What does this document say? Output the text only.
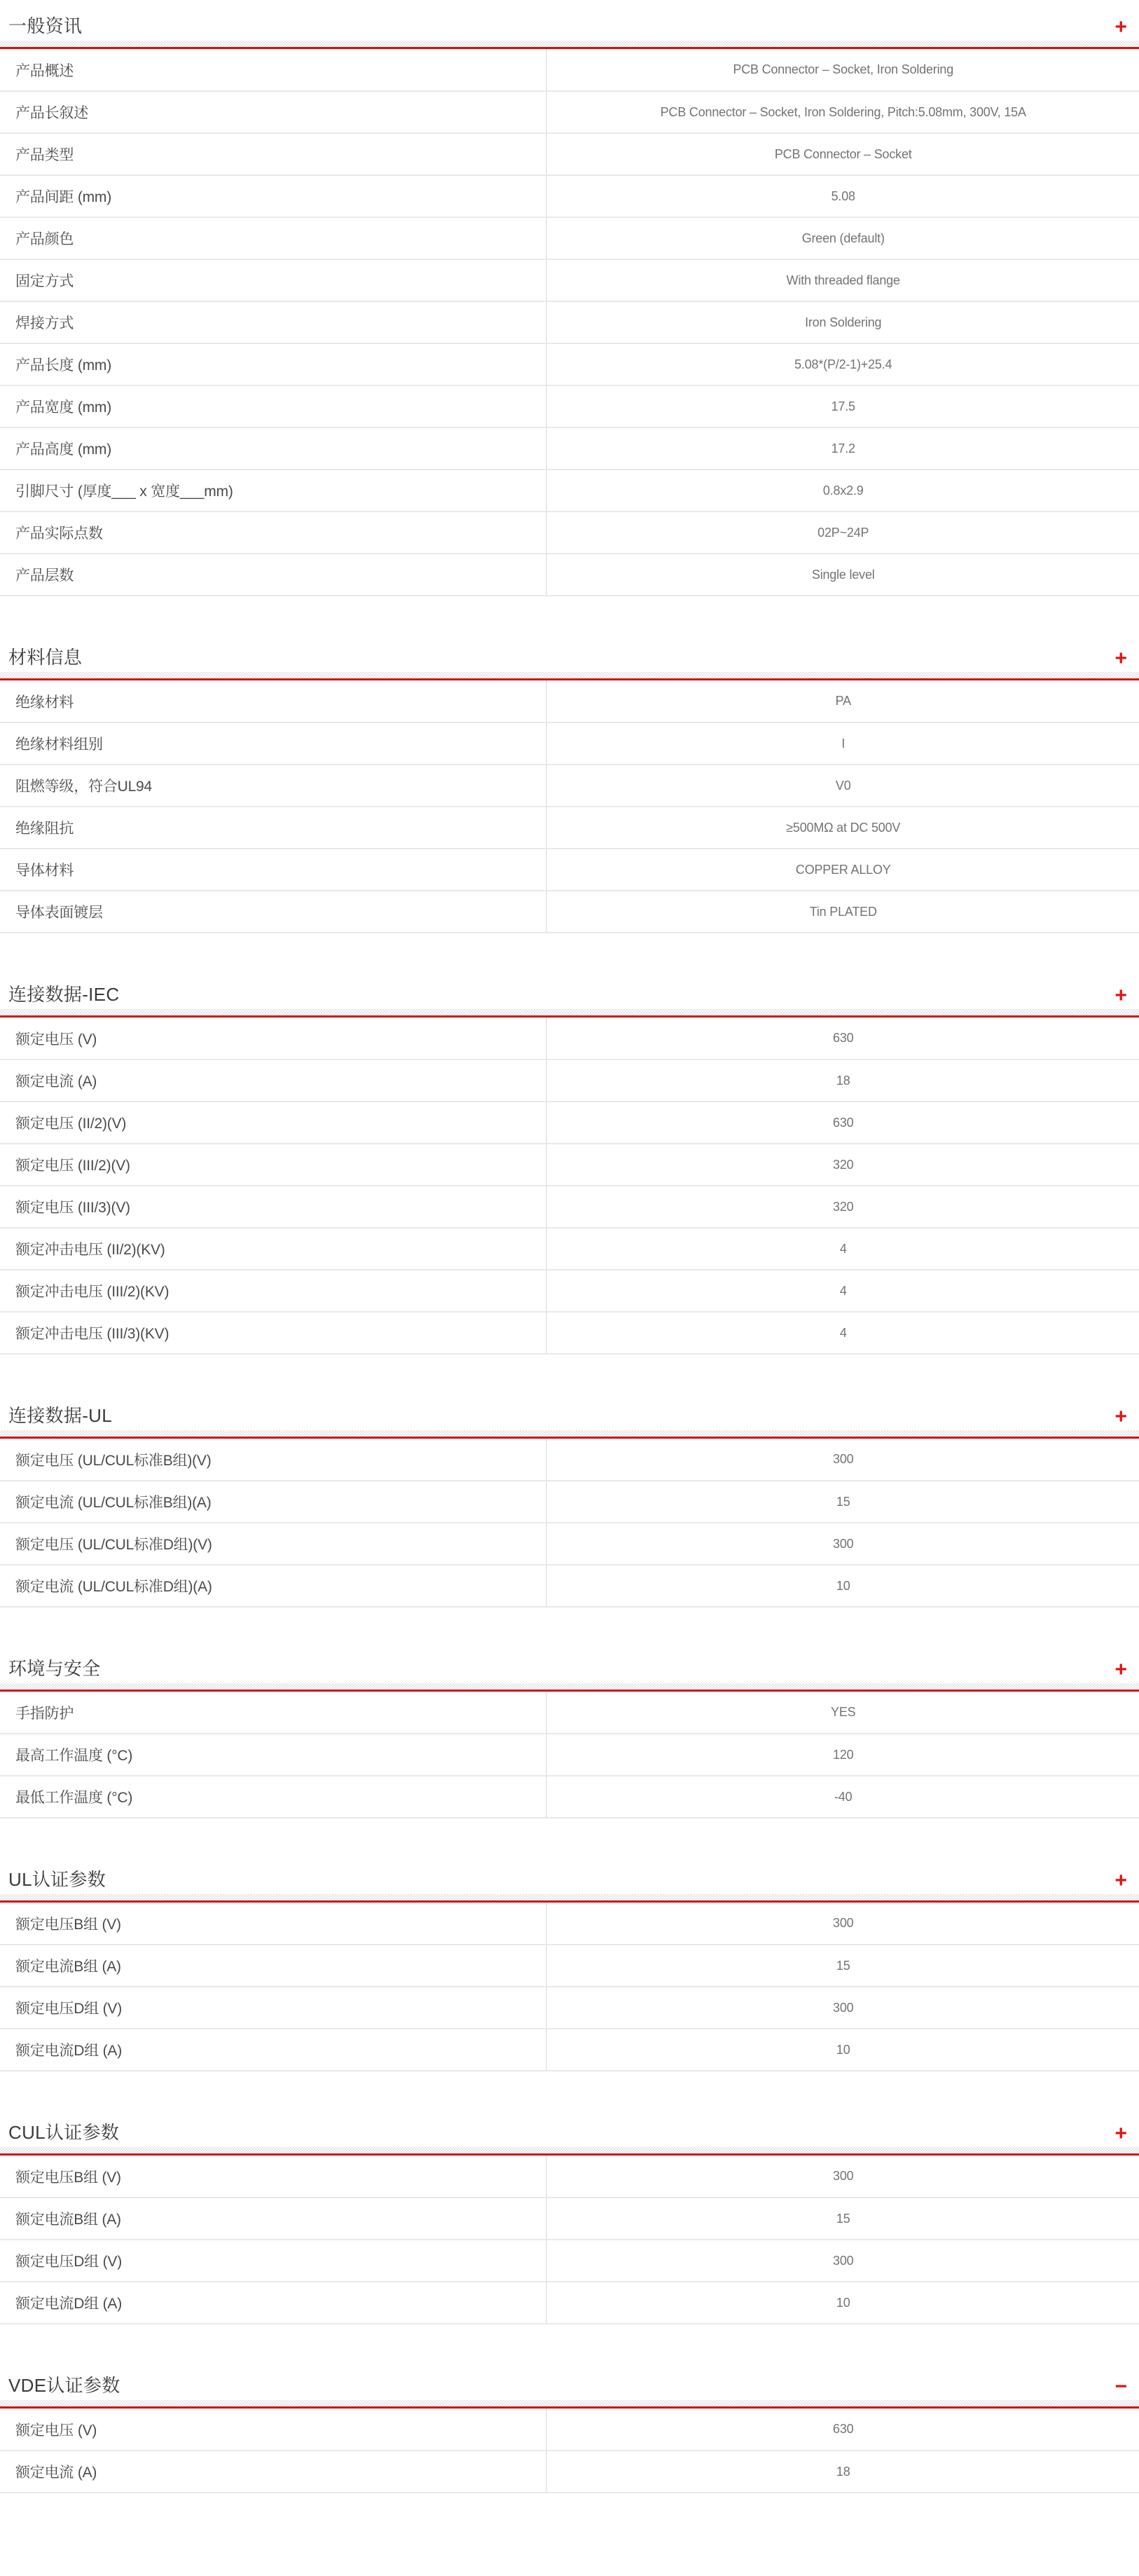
一般资讯	+
产品概述	PCB Connector – Socket, Iron Soldering
产品长叙述	PCB Connector – Socket, Iron Soldering, Pitch:5.08mm, 300V, 15A
产品类型	PCB Connector – Socket
产品间距 (mm)	5.08
产品颜色	Green (default)
固定方式	With threaded flange
焊接方式	Iron Soldering
产品长度 (mm)	5.08*(P/2-1)+25.4
产品宽度 (mm)	17.5
产品高度 (mm)	17.2
引脚尺寸 (厚度___ x 宽度___mm)	0.8x2.9
产品实际点数	02P~24P
产品层数	Single level
材料信息	+
绝缘材料	PA
绝缘材料组别	I
阻燃等级，符合UL94	V0
绝缘阻抗	≥500MΩ at DC 500V
导体材料	COPPER ALLOY
导体表面镀层	Tin PLATED
连接数据-IEC	+
额定电压 (V)	630
额定电流 (A)	18
额定电压 (II/2)(V)	630
额定电压 (III/2)(V)	320
额定电压 (III/3)(V)	320
额定冲击电压 (II/2)(KV)	4
额定冲击电压 (III/2)(KV)	4
额定冲击电压 (III/3)(KV)	4
连接数据-UL	+
额定电压 (UL/CUL标准B组)(V)	300
额定电流 (UL/CUL标准B组)(A)	15
额定电压 (UL/CUL标准D组)(V)	300
额定电流 (UL/CUL标准D组)(A)	10
环境与安全	+
手指防护	YES
最高工作温度 (°C)	120
最低工作温度 (°C)	-40
UL认证参数	+
额定电压B组 (V)	300
额定电流B组 (A)	15
额定电压D组 (V)	300
额定电流D组 (A)	10
CUL认证参数	+
额定电压B组 (V)	300
额定电流B组 (A)	15
额定电压D组 (V)	300
额定电流D组 (A)	10
VDE认证参数	−
额定电压 (V)	630
额定电流 (A)	18
